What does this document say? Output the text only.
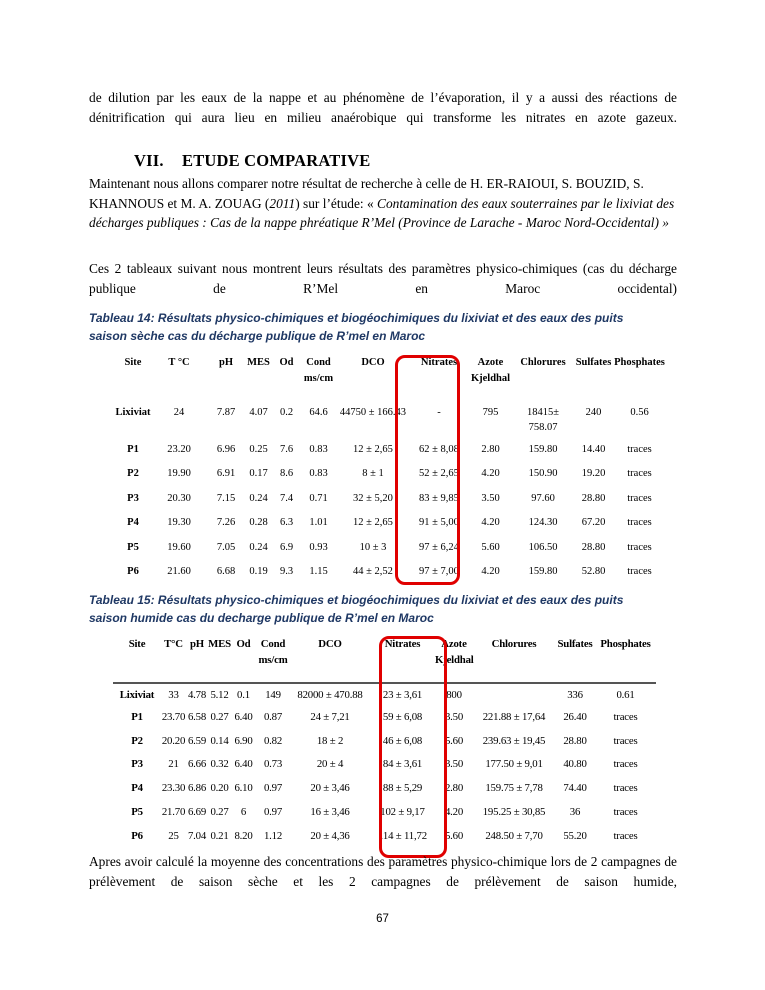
de dilution par les eaux de la nappe et au phénomène de l’évaporation, il y a aussi des réactions de dénitrification qui aura lieu en milieu anaérobique qui transforme les nitrates en azote gazeux.
VII. ETUDE COMPARATIVE
Maintenant nous allons comparer notre résultat de recherche à celle de H. ER-RAIOUI, S. BOUZID, S. KHANNOUS et M. A. ZOUAG (2011) sur l’étude: « Contamination des eaux souterraines par le lixiviat des décharges publiques : Cas de la nappe phréatique R’Mel (Province de Larache - Maroc Nord-Occidental) »
Ces 2 tableaux suivant nous montrent leurs résultats des paramètres physico-chimiques (cas du décharge publique de R’Mel en Maroc occidental)
Tableau 14: Résultats physico-chimiques et biogéochimiques du lixiviat et des eaux des puits
saison sèche cas du décharge publique de R’mel en Maroc
Site	T °C	pH	MES	Od	Cond ms/cm	DCO	Nitrates	Azote Kjeldhal	Chlorures	Sulfates	Phosphates
Lixiviat	24	7.87	4.07	0.2	64.6	44750 ± 166.43	-	795	18415± 758.07	240	0.56
P1	23.20	6.96	0.25	7.6	0.83	12 ± 2,65	62 ± 8,08	2.80	159.80	14.40	traces
P2	19.90	6.91	0.17	8.6	0.83	8 ± 1	52 ± 2,65	4.20	150.90	19.20	traces
P3	20.30	7.15	0.24	7.4	0.71	32 ± 5,20	83 ± 9,85	3.50	97.60	28.80	traces
P4	19.30	7.26	0.28	6.3	1.01	12 ± 2,65	91 ± 5,00	4.20	124.30	67.20	traces
P5	19.60	7.05	0.24	6.9	0.93	10 ± 3	97 ± 6,24	5.60	106.50	28.80	traces
P6	21.60	6.68	0.19	9.3	1.15	44 ± 2,52	97 ± 7,00	4.20	159.80	52.80	traces
Tableau 15: Résultats physico-chimiques et biogéochimiques du lixiviat et des eaux des puits
saison humide cas du decharge publique de R’mel en Maroc
Site	T°C	pH	MES	Od	Cond ms/cm	DCO	Nitrates	Azote Kjeldhal	Chlorures	Sulfates	Phosphates
Lixiviat	33	4.78	5.12	0.1	149	82000 ± 470.88	23 ± 3,61	800		336	0.61
P1	23.70	6.58	0.27	6.40	0.87	24 ± 7,21	59 ± 6,08	3.50	221.88 ± 17,64	26.40	traces
P2	20.20	6.59	0.14	6.90	0.82	18 ± 2	46 ± 6,08	5.60	239.63 ± 19,45	28.80	traces
P3	21	6.66	0.32	6.40	0.73	20 ± 4	84 ± 3,61	3.50	177.50 ± 9,01	40.80	traces
P4	23.30	6.86	0.20	6.10	0.97	20 ± 3,46	88 ± 5,29	2.80	159.75 ± 7,78	74.40	traces
P5	21.70	6.69	0.27	6	0.97	16 ± 3,46	102 ± 9,17	4.20	195.25 ± 30,85	36	traces
P6	25	7.04	0.21	8.20	1.12	20 ± 4,36	114 ± 11,72	5.60	248.50 ± 7,70	55.20	traces
Apres avoir calculé la moyenne des concentrations des paramètres physico-chimique lors de 2 campagnes de prélèvement de saison sèche et les 2 campagnes de prélèvement de saison humide,
67
